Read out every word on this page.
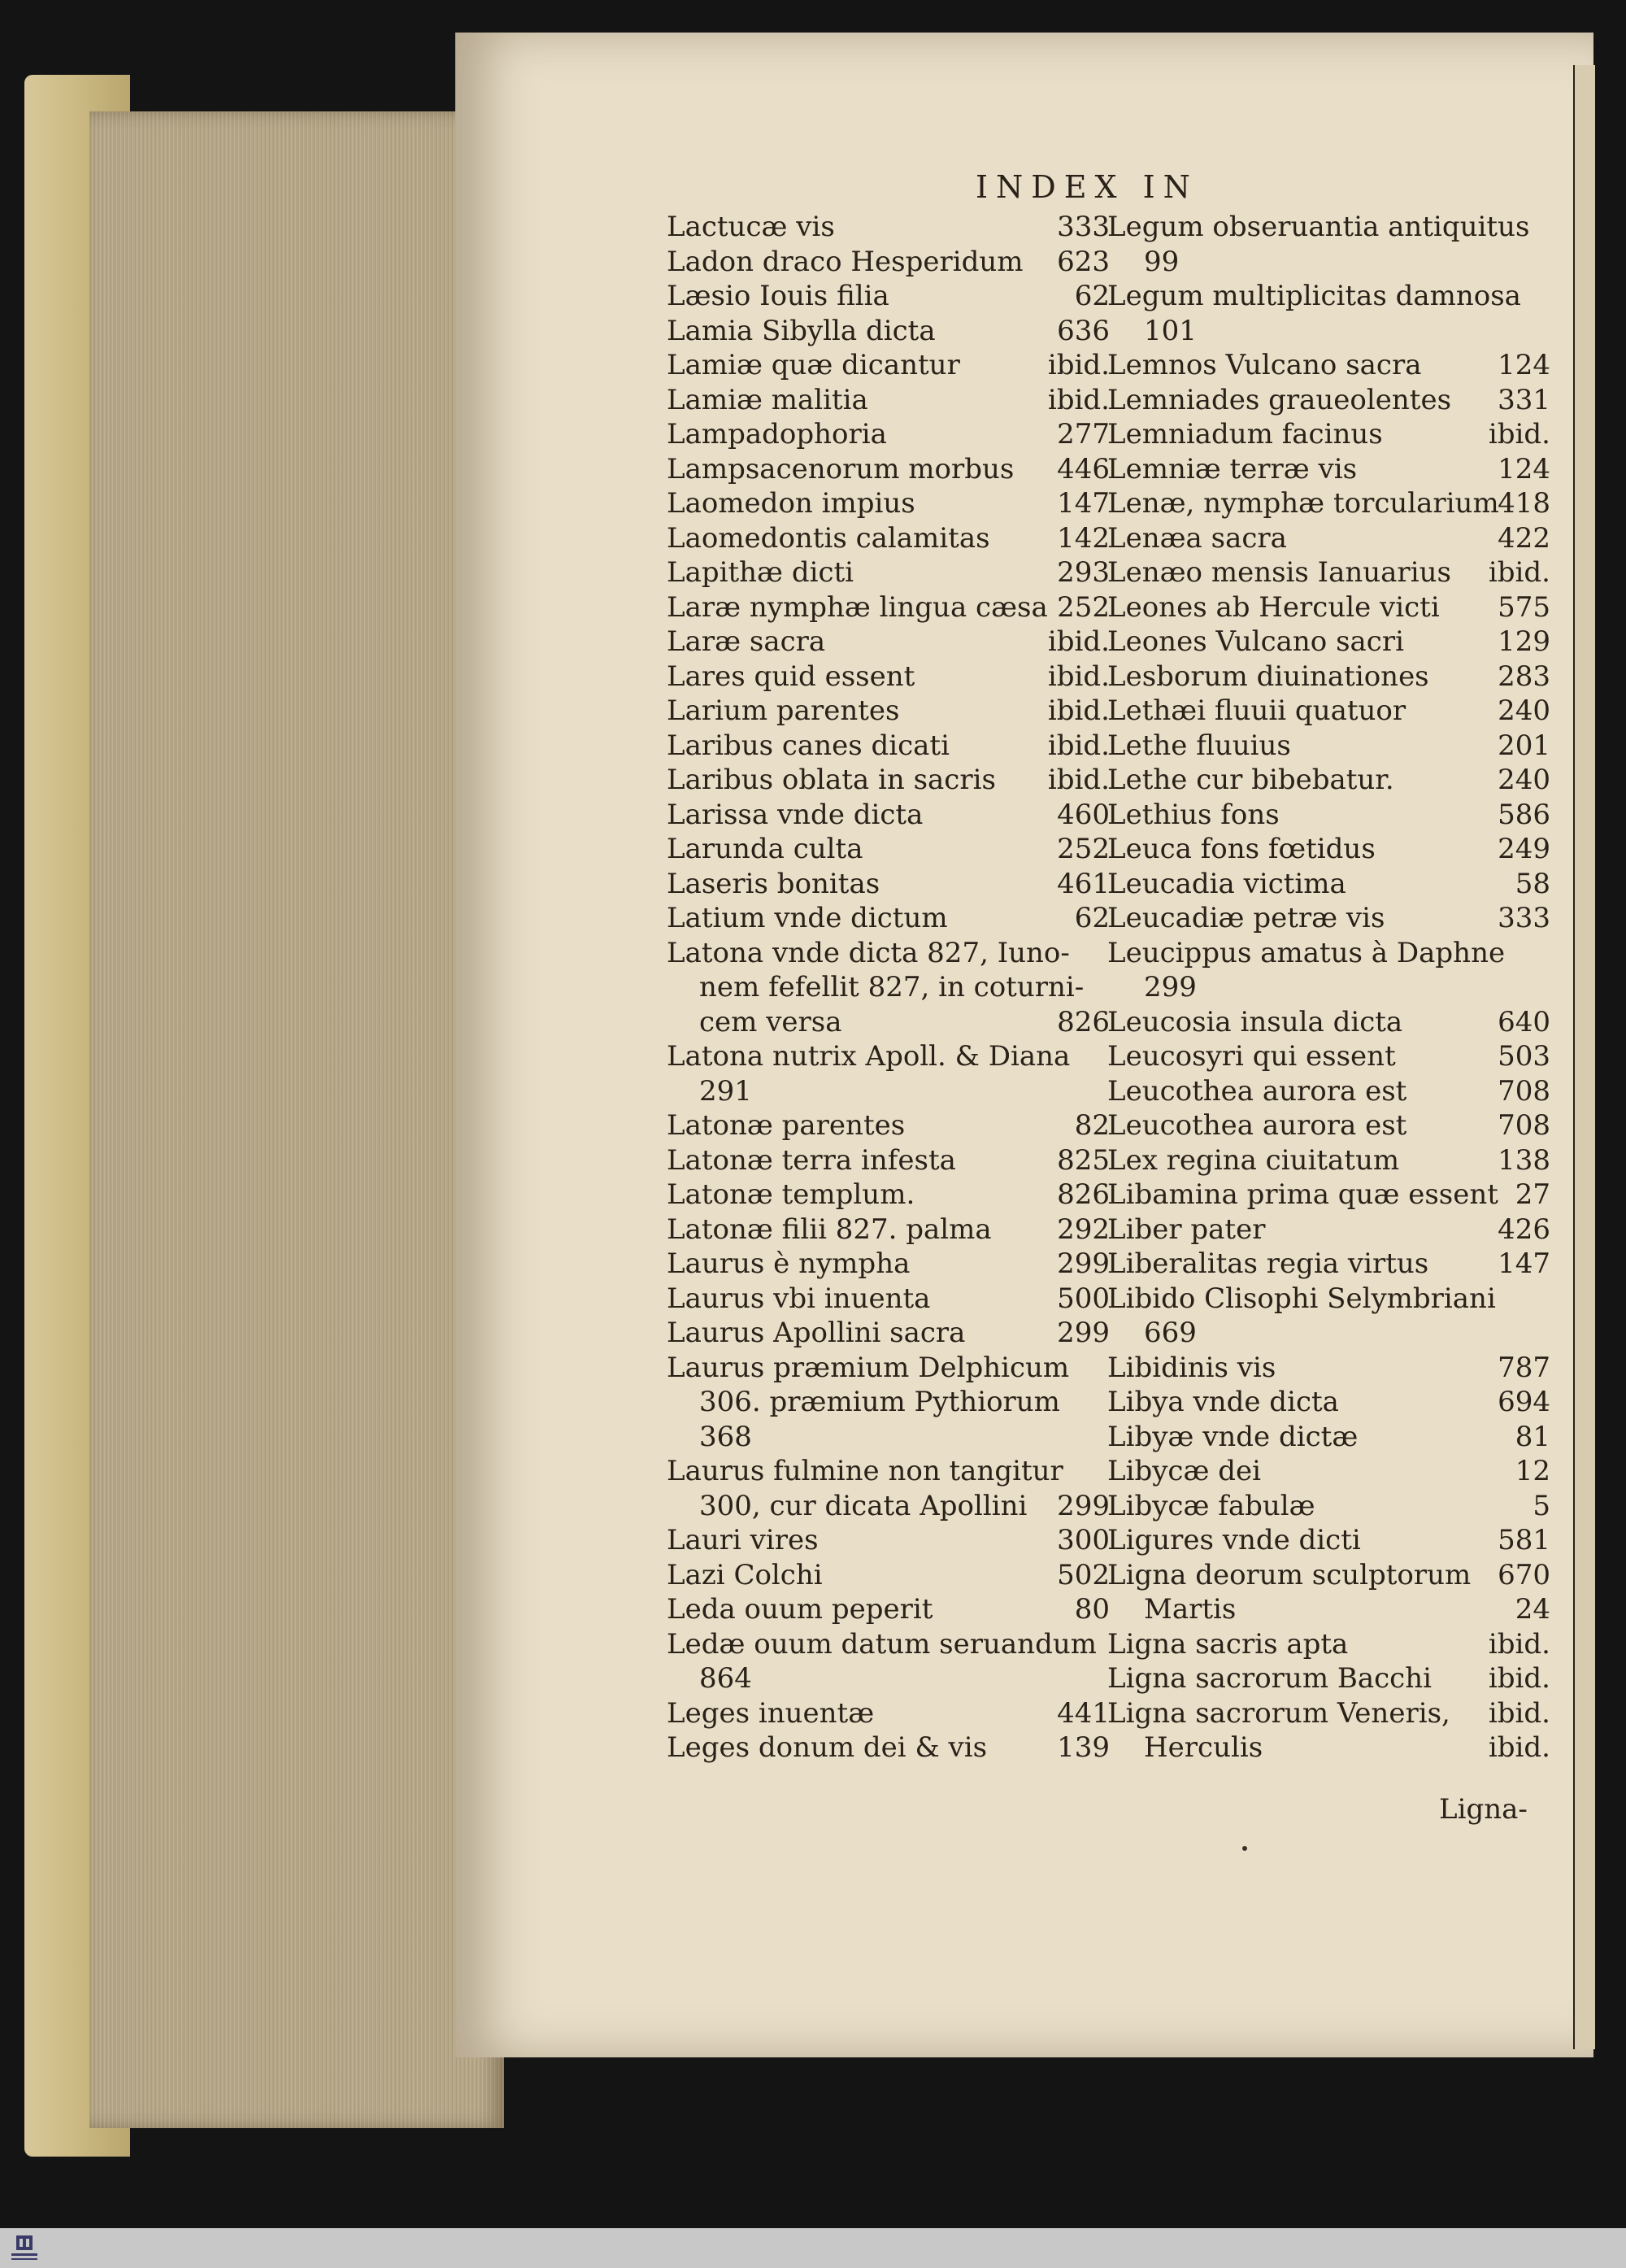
INDEX IN
Lactucæ vis	333
Ladon draco Hesperidum 623
Læsio Iouis filia	62
Lamia Sibylla dicta	636
Lamiæ quæ dicantur	ibid.
Lamiæ malitia	ibid.
Lampadophoria	277
Lampsacenorum morbus 446
Laomedon impius	147
Laomedontis calamitas 142
Lapithæ dicti	293
Laræ nymphæ lingua cæsa 252
Laræ sacra	ibid.
Lares quid essent	ibid.
Larium parentes	ibid.
Laribus canes dicati	ibid.
Laribus oblata in sacris ibid.
Larissa vnde dicta	460
Larunda culta	252
Laseris bonitas	461
Latium vnde dictum	62
Latona vnde dicta 827, Iuno-
nem fefellit 827, in coturni-
cem versa	826
Latona nutrix Apoll. & Diana
291
Latonæ parentes	82
Latonæ terra infesta	825
Latonæ templum.	826
Latonæ filii 827. palma 292
Laurus è nympha	299
Laurus vbi inuenta	500
Laurus Apollini sacra	299
Laurus præmium Delphicum
306. præmium Pythiorum
368
Laurus fulmine non tangitur
300, cur dicata Apollini 299
Lauri vires	300
Lazi Colchi	502
Leda ouum peperit	80
Ledæ ouum datum seruandum
864
Leges inuentæ	441
Leges donum dei & vis	139
Legum obseruantia antiquitus
99
Legum multiplicitas damnosa
101
Lemnos Vulcano sacra	124
Lemniades graueolentes 331
Lemniadum facinus	ibid.
Lemniæ terræ vis	124
Lenæ, nymphæ torcularium
418
Lenæa sacra	422
Lenæo mensis Ianuarius ibid.
Leones ab Hercule victi 575
Leones Vulcano sacri	129
Lesborum diuinationes 283
Lethæi fluuii quatuor	240
Lethe fluuius	201
Lethe cur bibebatur.	240
Lethius fons	586
Leuca fons fœtidus	249
Leucadia victima	58
Leucadiæ petræ vis	333
Leucippus amatus à Daphne
299
Leucosia insula dicta	640
Leucosyri qui essent	503
Leucothea aurora est	708
Leucothea aurora est	708
Lex regina ciuitatum	138
Libamina prima quæ essent 27
Liber pater	426
Liberalitas regia virtus 147
Libido Clisophi Selymbriani
669
Libidinis vis	787
Libya vnde dicta	694
Libyæ vnde dictæ	81
Libycæ dei	12
Libycæ fabulæ	5
Ligures vnde dicti	581
Ligna deorum sculptorum 670
Martis	24
Ligna sacris apta	ibid.
Ligna sacrorum Bacchi ibid.
Ligna sacrorum Veneris, ibid.
Herculis	ibid.
Ligna-
